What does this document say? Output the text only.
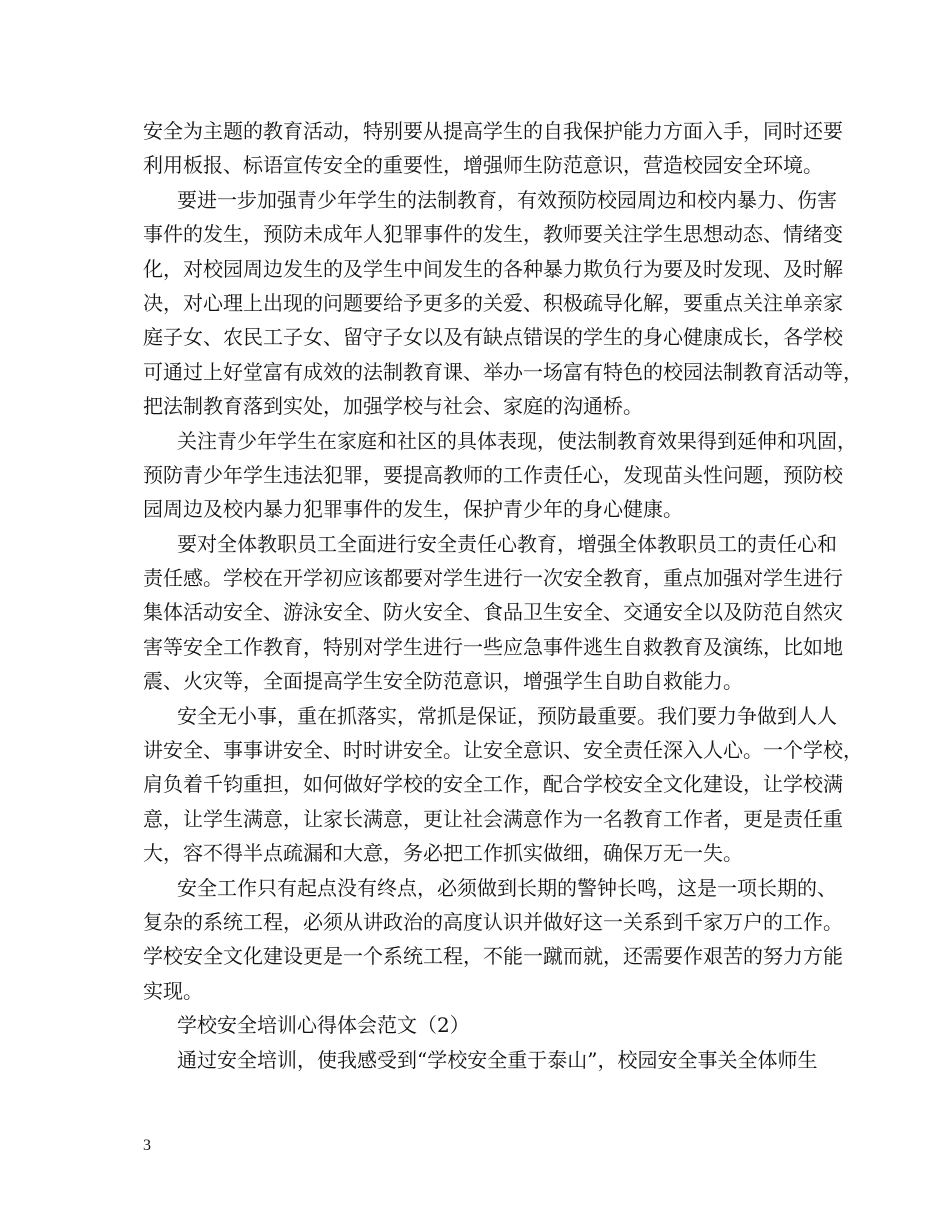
安全为主题的教育活动，特别要从提高学生的自我保护能力方面入手，同时还要
利用板报、标语宣传安全的重要性，增强师生防范意识，营造校园安全环境。
要进一步加强青少年学生的法制教育，有效预防校园周边和校内暴力、伤害
事件的发生，预防未成年人犯罪事件的发生，教师要关注学生思想动态、情绪变
化，对校园周边发生的及学生中间发生的各种暴力欺负行为要及时发现、及时解
决，对心理上出现的问题要给予更多的关爱、积极疏导化解，要重点关注单亲家
庭子女、农民工子女、留守子女以及有缺点错误的学生的身心健康成长，各学校
可通过上好堂富有成效的法制教育课、举办一场富有特色的校园法制教育活动等，
把法制教育落到实处，加强学校与社会、家庭的沟通桥。
关注青少年学生在家庭和社区的具体表现，使法制教育效果得到延伸和巩固，
预防青少年学生违法犯罪，要提高教师的工作责任心，发现苗头性问题，预防校
园周边及校内暴力犯罪事件的发生，保护青少年的身心健康。
要对全体教职员工全面进行安全责任心教育，增强全体教职员工的责任心和
责任感。学校在开学初应该都要对学生进行一次安全教育，重点加强对学生进行
集体活动安全、游泳安全、防火安全、食品卫生安全、交通安全以及防范自然灾
害等安全工作教育，特别对学生进行一些应急事件逃生自救教育及演练，比如地
震、火灾等，全面提高学生安全防范意识，增强学生自助自救能力。
安全无小事，重在抓落实，常抓是保证，预防最重要。我们要力争做到人人
讲安全、事事讲安全、时时讲安全。让安全意识、安全责任深入人心。一个学校，
肩负着千钧重担，如何做好学校的安全工作，配合学校安全文化建设，让学校满
意，让学生满意，让家长满意，更让社会满意作为一名教育工作者，更是责任重
大，容不得半点疏漏和大意，务必把工作抓实做细，确保万无一失。
安全工作只有起点没有终点，必须做到长期的警钟长鸣，这是一项长期的、
复杂的系统工程，必须从讲政治的高度认识并做好这一关系到千家万户的工作。
学校安全文化建设更是一个系统工程，不能一蹴而就，还需要作艰苦的努力方能
实现。
学校安全培训心得体会范文（2）
通过安全培训，使我感受到“学校安全重于泰山”，校园安全事关全体师生
3
